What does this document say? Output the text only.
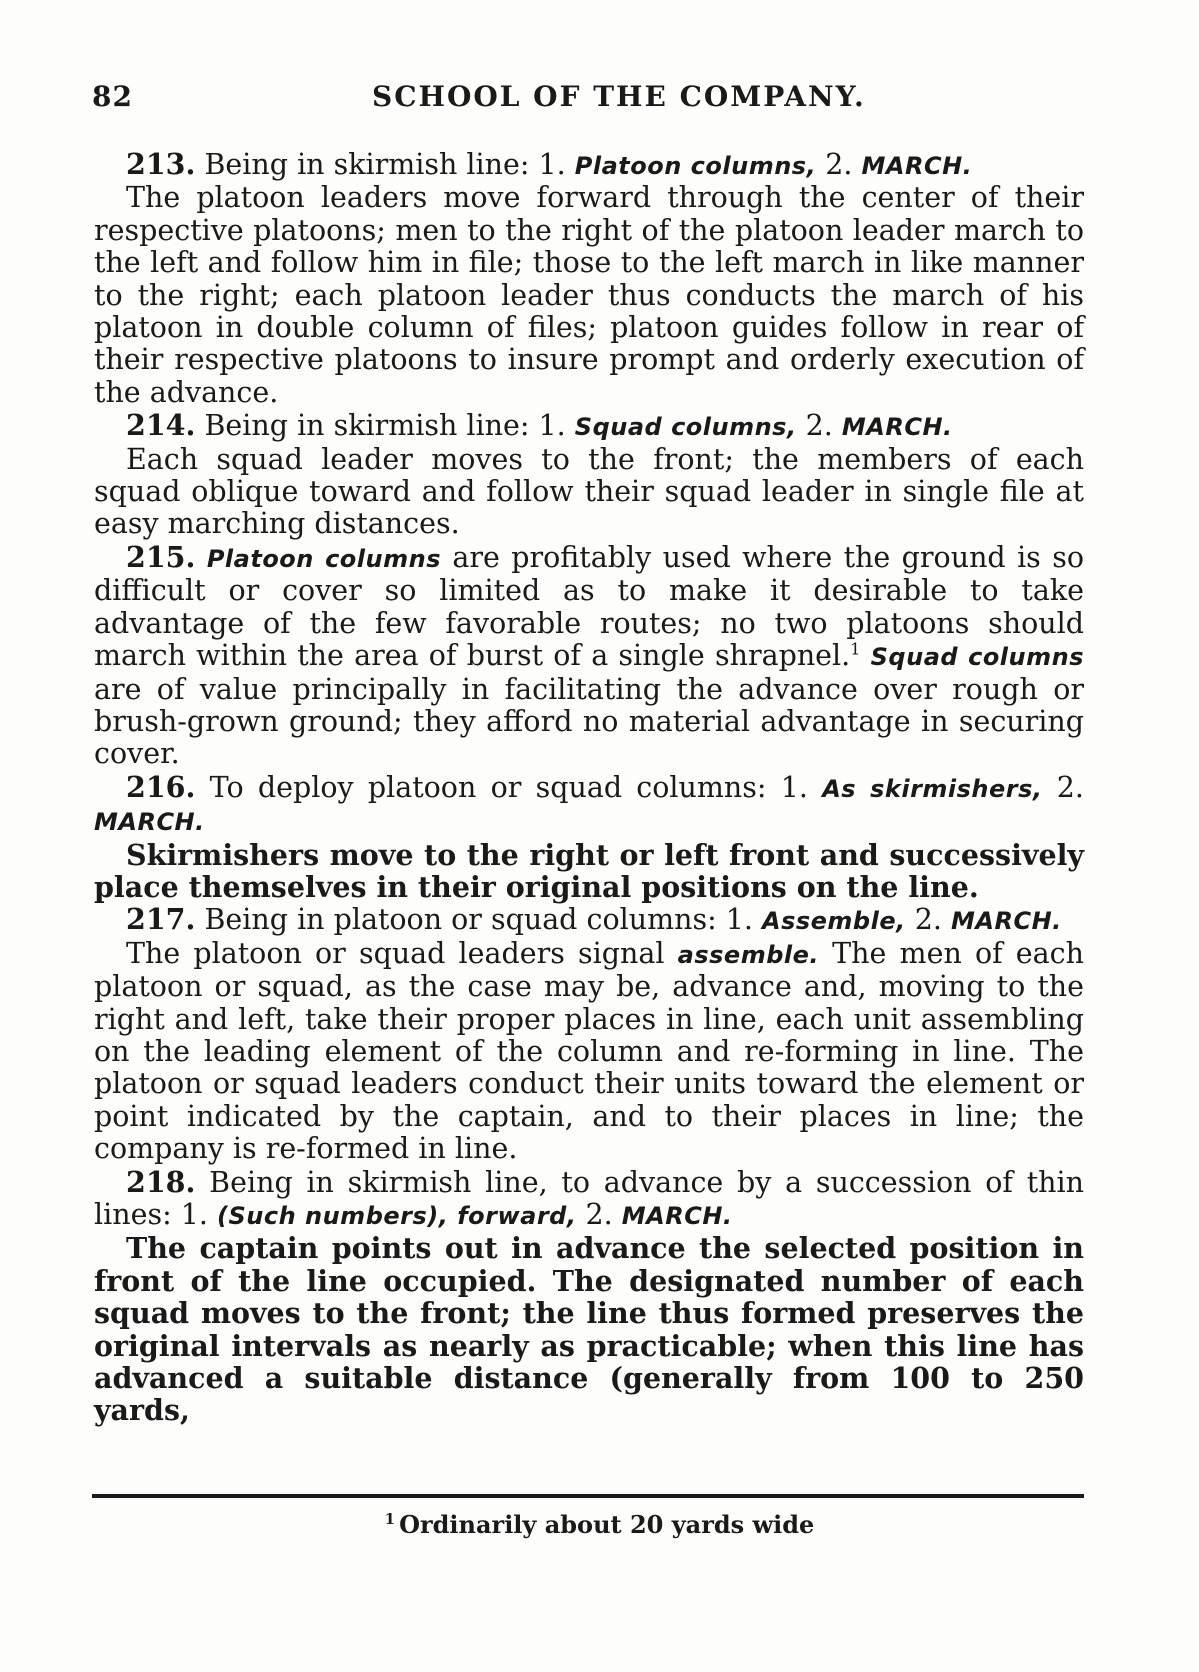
82	SCHOOL OF THE COMPANY.

213. Being in skirmish line: 1. Platoon columns, 2. MARCH.

The platoon leaders move forward through the center of their respective platoons; men to the right of the platoon leader march to the left and follow him in file; those to the left march in like manner to the right; each platoon leader thus conducts the march of his platoon in double column of files; platoon guides follow in rear of their respective platoons to insure prompt and orderly execution of the advance.

214. Being in skirmish line: 1. Squad columns, 2. MARCH.

Each squad leader moves to the front; the members of each squad oblique toward and follow their squad leader in single file at easy marching distances.

215. Platoon columns are profitably used where the ground is so difficult or cover so limited as to make it desirable to take advantage of the few favorable routes; no two platoons should march within the area of burst of a single shrapnel.$^1$ Squad columns are of value principally in facilitating the advance over rough or brush-grown ground; they afford no material advantage in securing cover.

216. To deploy platoon or squad columns: 1. As skirmishers, 2. MARCH.

Skirmishers move to the right or left front and successively place themselves in their original positions on the line.

217. Being in platoon or squad columns: 1. Assemble, 2. MARCH.

The platoon or squad leaders signal assemble. The men of each platoon or squad, as the case may be, advance and, moving to the right and left, take their proper places in line, each unit assembling on the leading element of the column and re-forming in line. The platoon or squad leaders conduct their units toward the element or point indicated by the captain, and to their places in line; the company is re-formed in line.

218. Being in skirmish line, to advance by a succession of thin lines: 1. (Such numbers), forward, 2. MARCH.

The captain points out in advance the selected position in front of the line occupied. The designated number of each squad moves to the front; the line thus formed preserves the original intervals as nearly as practicable; when this line has advanced a suitable distance (generally from 100 to 250 yards,

$^1$ Ordinarily about 20 yards wide
